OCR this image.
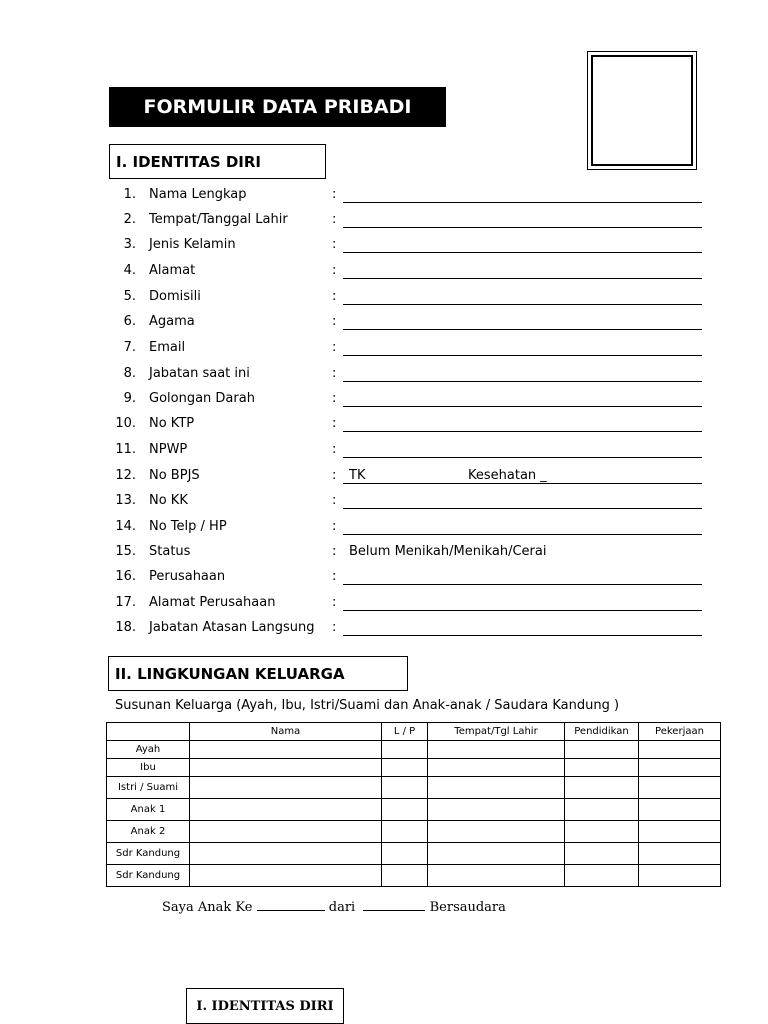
FORMULIR DATA PRIBADI
I. IDENTITAS DIRI
1. Nama Lengkap	:
2. Tempat/Tanggal Lahir	:
3. Jenis Kelamin	:
4. Alamat	:
5. Domisili	:
6. Agama	:
7. Email	:
8. Jabatan saat ini	:
9. Golongan Darah	:
10. No KTP	:
11. NPWP	:
12. No BPJS	: TK	Kesehatan _
13. No KK	:
14. No Telp / HP	:
15. Status	: Belum Menikah/Menikah/Cerai
16. Perusahaan	:
17. Alamat Perusahaan	:
18. Jabatan Atasan Langsung :
II. LINGKUNGAN KELUARGA
Susunan Keluarga (Ayah, Ibu, Istri/Suami dan Anak-anak / Saudara Kandung )
	Nama	L / P	Tempat/Tgl Lahir	Pendidikan	Pekerjaan
Ayah					
Ibu					
Istri / Suami					
Anak 1					
Anak 2					
Sdr Kandung					
Sdr Kandung					
Saya Anak Ke	dari	Bersaudara
I. IDENTITAS DIRI
